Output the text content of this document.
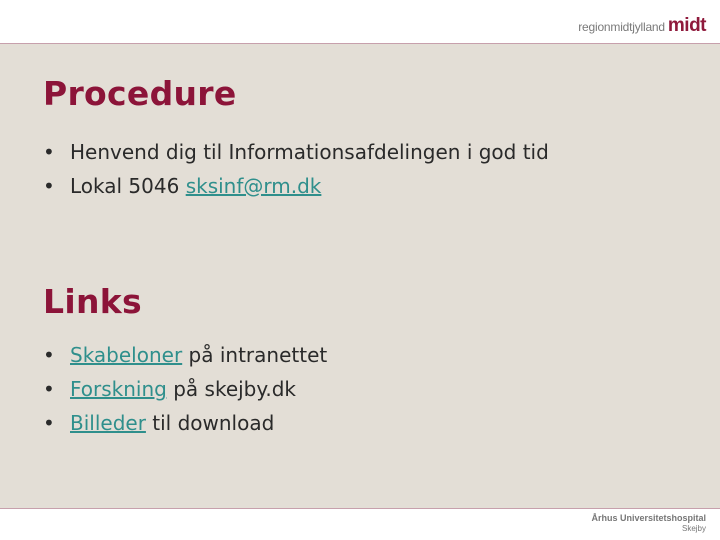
regionmidtjylland midt
Procedure
• Henvend dig til Informationsafdelingen i god tid
• Lokal 5046 sksinf@rm.dk
Links
• Skabeloner på intranettet
• Forskning på skejby.dk
• Billeder til download
Århus Universitetshospital
Skejby
